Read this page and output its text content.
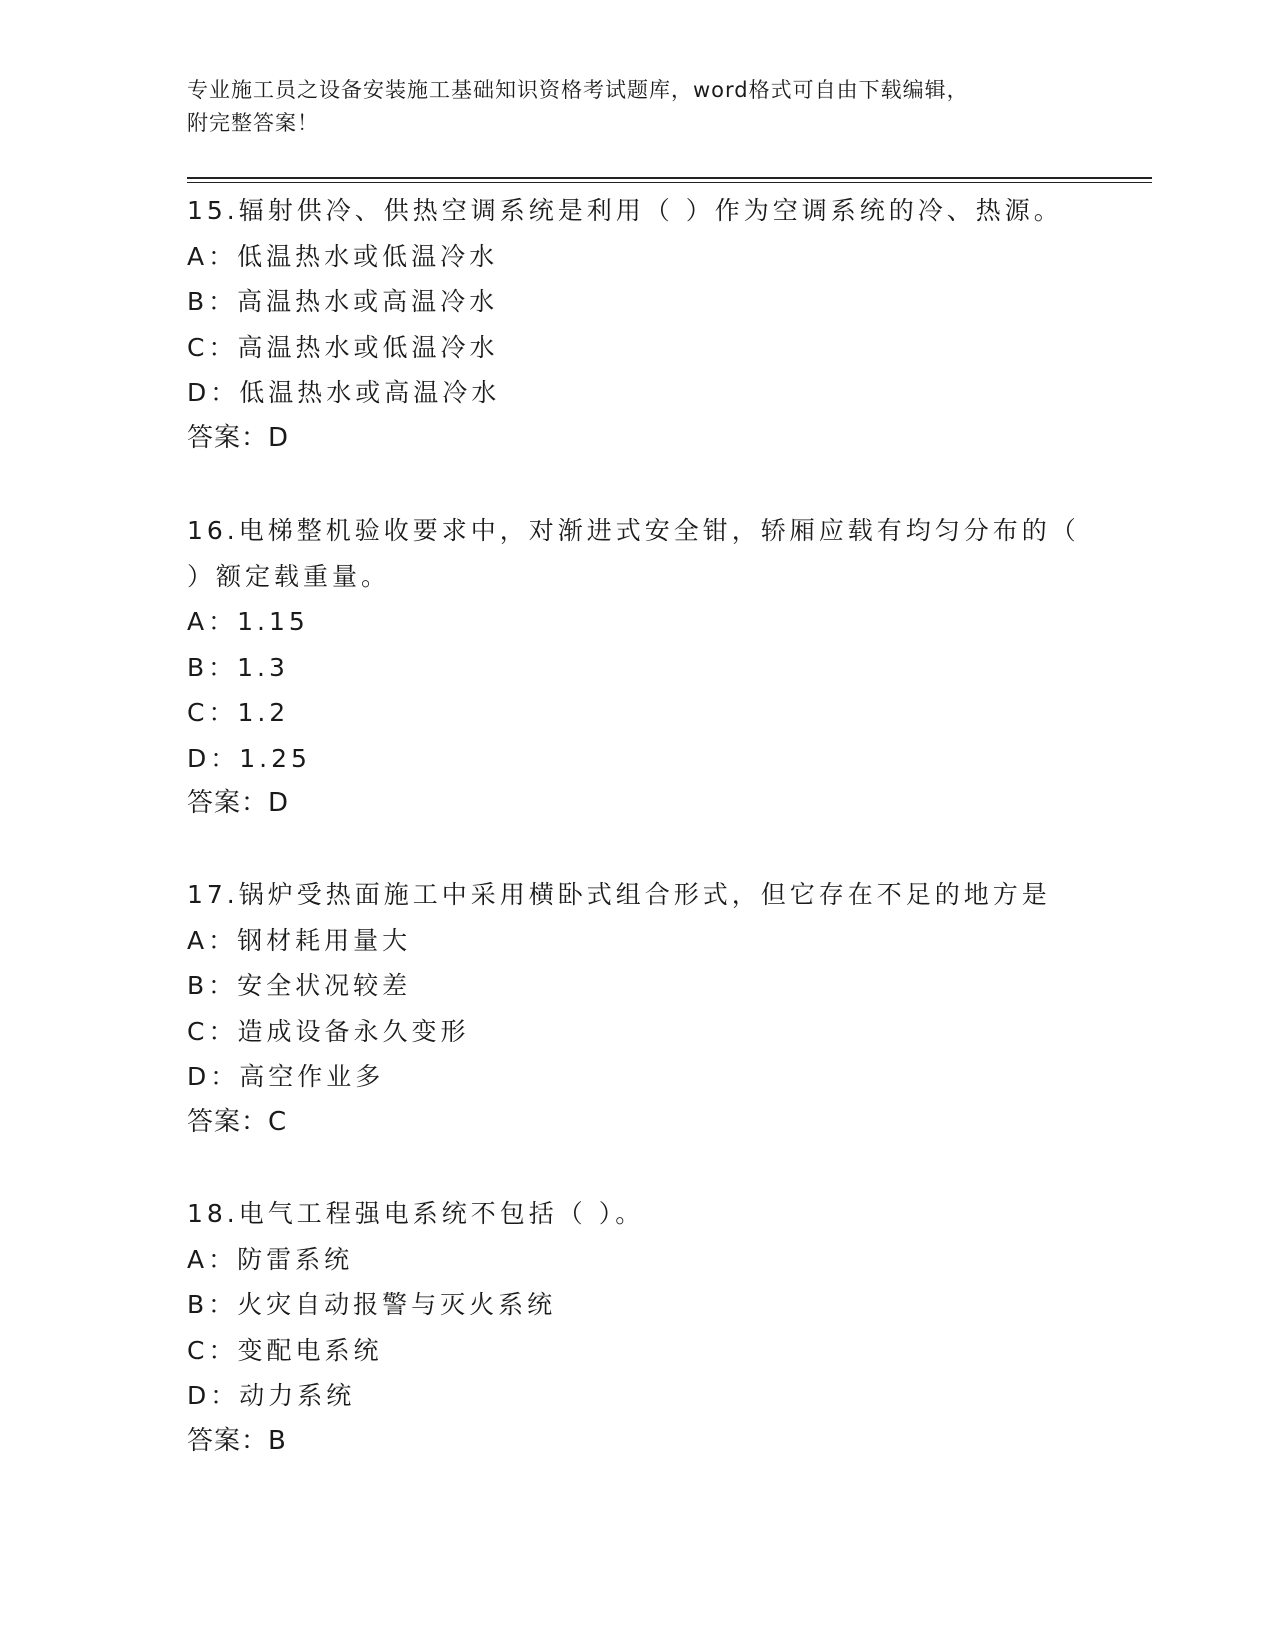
专业施工员之设备安装施工基础知识资格考试题库，word格式可自由下载编辑，
附完整答案！
15.辐射供冷、供热空调系统是利用（ ）作为空调系统的冷、热源。
A：低温热水或低温冷水
B：高温热水或高温冷水
C：高温热水或低温冷水
D：低温热水或高温冷水
答案：D
16.电梯整机验收要求中，对渐进式安全钳，轿厢应载有均匀分布的（
）额定载重量。
A：1.15
B：1.3
C：1.2
D：1.25
答案：D
17.锅炉受热面施工中采用横卧式组合形式，但它存在不足的地方是
A：钢材耗用量大
B：安全状况较差
C：造成设备永久变形
D：高空作业多
答案：C
18.电气工程强电系统不包括（ ）。
A：防雷系统
B：火灾自动报警与灭火系统
C：变配电系统
D：动力系统
答案：B
